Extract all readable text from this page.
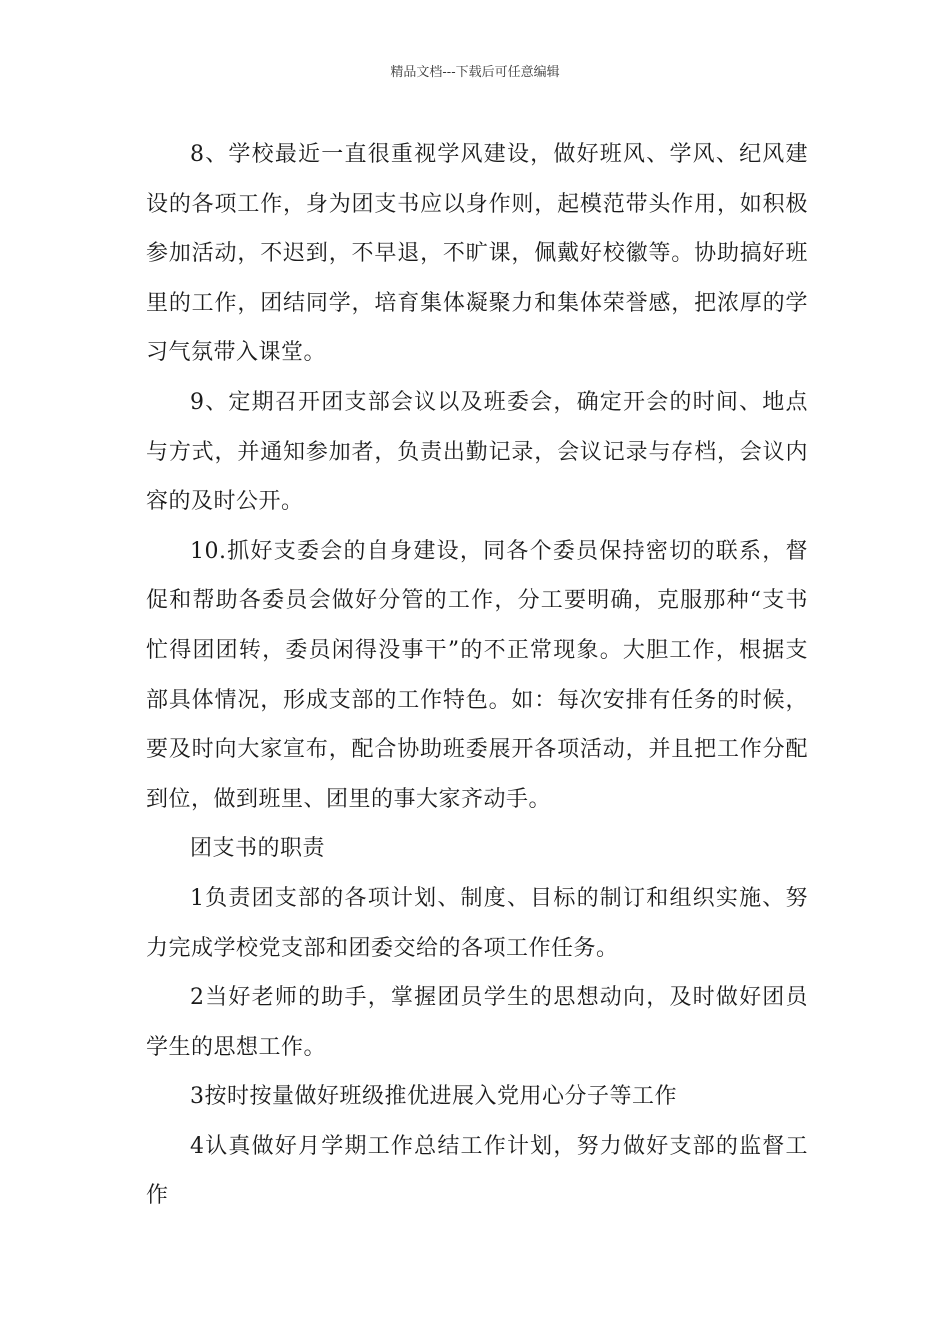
精品文档---下载后可任意编辑

8、学校最近一直很重视学风建设，做好班风、学风、纪风建设的各项工作，身为团支书应以身作则，起模范带头作用，如积极参加活动，不迟到，不早退，不旷课，佩戴好校徽等。协助搞好班里的工作，团结同学，培育集体凝聚力和集体荣誉感，把浓厚的学习气氛带入课堂。

9、定期召开团支部会议以及班委会，确定开会的时间、地点与方式，并通知参加者，负责出勤记录，会议记录与存档，会议内容的及时公开。

10.抓好支委会的自身建设，同各个委员保持密切的联系，督促和帮助各委员会做好分管的工作，分工要明确，克服那种“支书忙得团团转，委员闲得没事干”的不正常现象。大胆工作，根据支部具体情况，形成支部的工作特色。如：每次安排有任务的时候，要及时向大家宣布，配合协助班委展开各项活动，并且把工作分配到位，做到班里、团里的事大家齐动手。

团支书的职责

1负责团支部的各项计划、制度、目标的制订和组织实施、努力完成学校党支部和团委交给的各项工作任务。

2当好老师的助手，掌握团员学生的思想动向，及时做好团员学生的思想工作。

3按时按量做好班级推优进展入党用心分子等工作

4认真做好月学期工作总结工作计划，努力做好支部的监督工作
